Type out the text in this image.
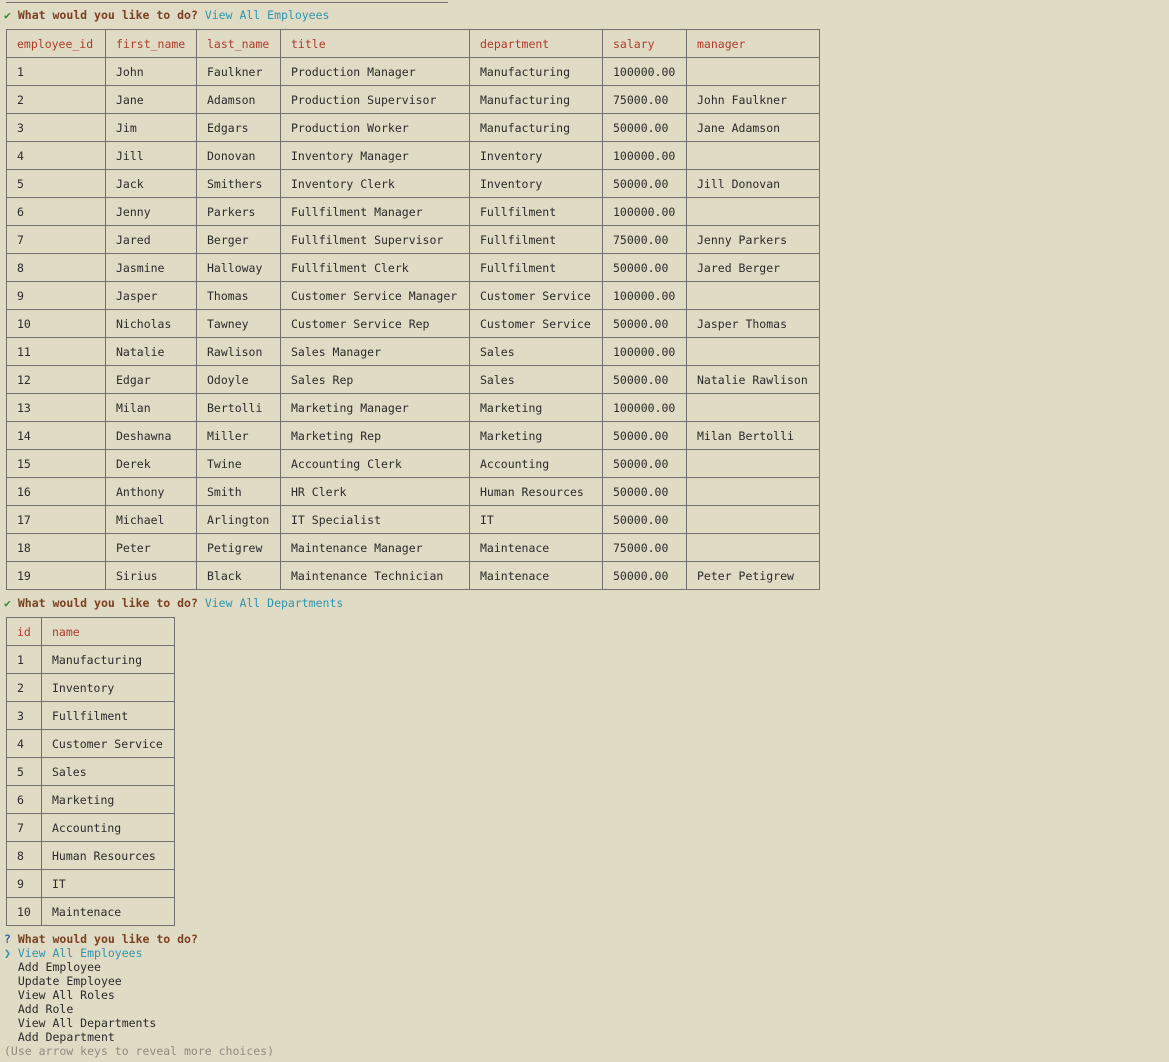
✔ What would you like to do? View All Employees
employee_id	first_name	last_name	title	department	salary	manager
1	John	Faulkner	Production Manager	Manufacturing	100000.00	
2	Jane	Adamson	Production Supervisor	Manufacturing	75000.00	John Faulkner
3	Jim	Edgars	Production Worker	Manufacturing	50000.00	Jane Adamson
4	Jill	Donovan	Inventory Manager	Inventory	100000.00	
5	Jack	Smithers	Inventory Clerk	Inventory	50000.00	Jill Donovan
6	Jenny	Parkers	Fullfilment Manager	Fullfilment	100000.00	
7	Jared	Berger	Fullfilment Supervisor	Fullfilment	75000.00	Jenny Parkers
8	Jasmine	Halloway	Fullfilment Clerk	Fullfilment	50000.00	Jared Berger
9	Jasper	Thomas	Customer Service Manager	Customer Service	100000.00	
10	Nicholas	Tawney	Customer Service Rep	Customer Service	50000.00	Jasper Thomas
11	Natalie	Rawlison	Sales Manager	Sales	100000.00	
12	Edgar	Odoyle	Sales Rep	Sales	50000.00	Natalie Rawlison
13	Milan	Bertolli	Marketing Manager	Marketing	100000.00	
14	Deshawna	Miller	Marketing Rep	Marketing	50000.00	Milan Bertolli
15	Derek	Twine	Accounting Clerk	Accounting	50000.00	
16	Anthony	Smith	HR Clerk	Human Resources	50000.00	
17	Michael	Arlington	IT Specialist	IT	50000.00	
18	Peter	Petigrew	Maintenance Manager	Maintenace	75000.00	
19	Sirius	Black	Maintenance Technician	Maintenace	50000.00	Peter Petigrew
✔ What would you like to do? View All Departments
id	name
1	Manufacturing
2	Inventory
3	Fullfilment
4	Customer Service
5	Sales
6	Marketing
7	Accounting
8	Human Resources
9	IT
10	Maintenace
? What would you like to do?
❯ View All Employees
Add Employee
Update Employee
View All Roles
Add Role
View All Departments
Add Department
(Use arrow keys to reveal more choices)
